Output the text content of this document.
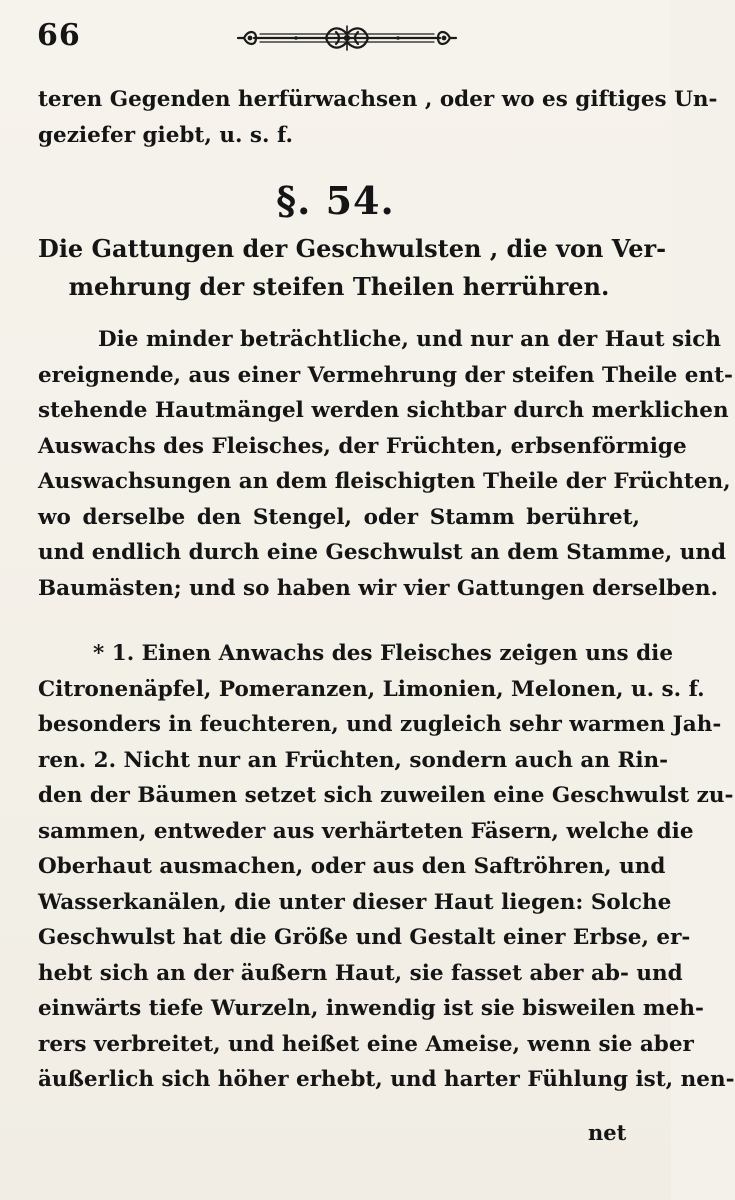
66
teren Gegenden herfürwachsen , oder wo es giftiges Un-
geziefer giebt, u. s. f.
§. 54.
Die Gattungen der Geschwulsten , die von Ver-
mehrung der steifen Theilen herrühren.
Die minder beträchtliche, und nur an der Haut sich
ereignende, aus einer Vermehrung der steifen Theile ent-
stehende Hautmängel werden sichtbar durch merklichen
Auswachs des Fleisches, der Früchten, erbsenförmige
Auswachsungen an dem fleischigten Theile der Früchten,
wo derselbe den Stengel, oder Stamm berühret,
und endlich durch eine Geschwulst an dem Stamme, und
Baumästen; und so haben wir vier Gattungen derselben.
* 1. Einen Anwachs des Fleisches zeigen uns die
Citronenäpfel, Pomeranzen, Limonien, Melonen, u. s. f.
besonders in feuchteren, und zugleich sehr warmen Jah-
ren. 2. Nicht nur an Früchten, sondern auch an Rin-
den der Bäumen setzet sich zuweilen eine Geschwulst zu-
sammen, entweder aus verhärteten Fäsern, welche die
Oberhaut ausmachen, oder aus den Saftröhren, und
Wasserkanälen, die unter dieser Haut liegen: Solche
Geschwulst hat die Größe und Gestalt einer Erbse, er-
hebt sich an der äußern Haut, sie fasset aber ab- und
einwärts tiefe Wurzeln, inwendig ist sie bisweilen meh-
rers verbreitet, und heißet eine Ameise, wenn sie aber
äußerlich sich höher erhebt, und harter Fühlung ist, nen-
net
